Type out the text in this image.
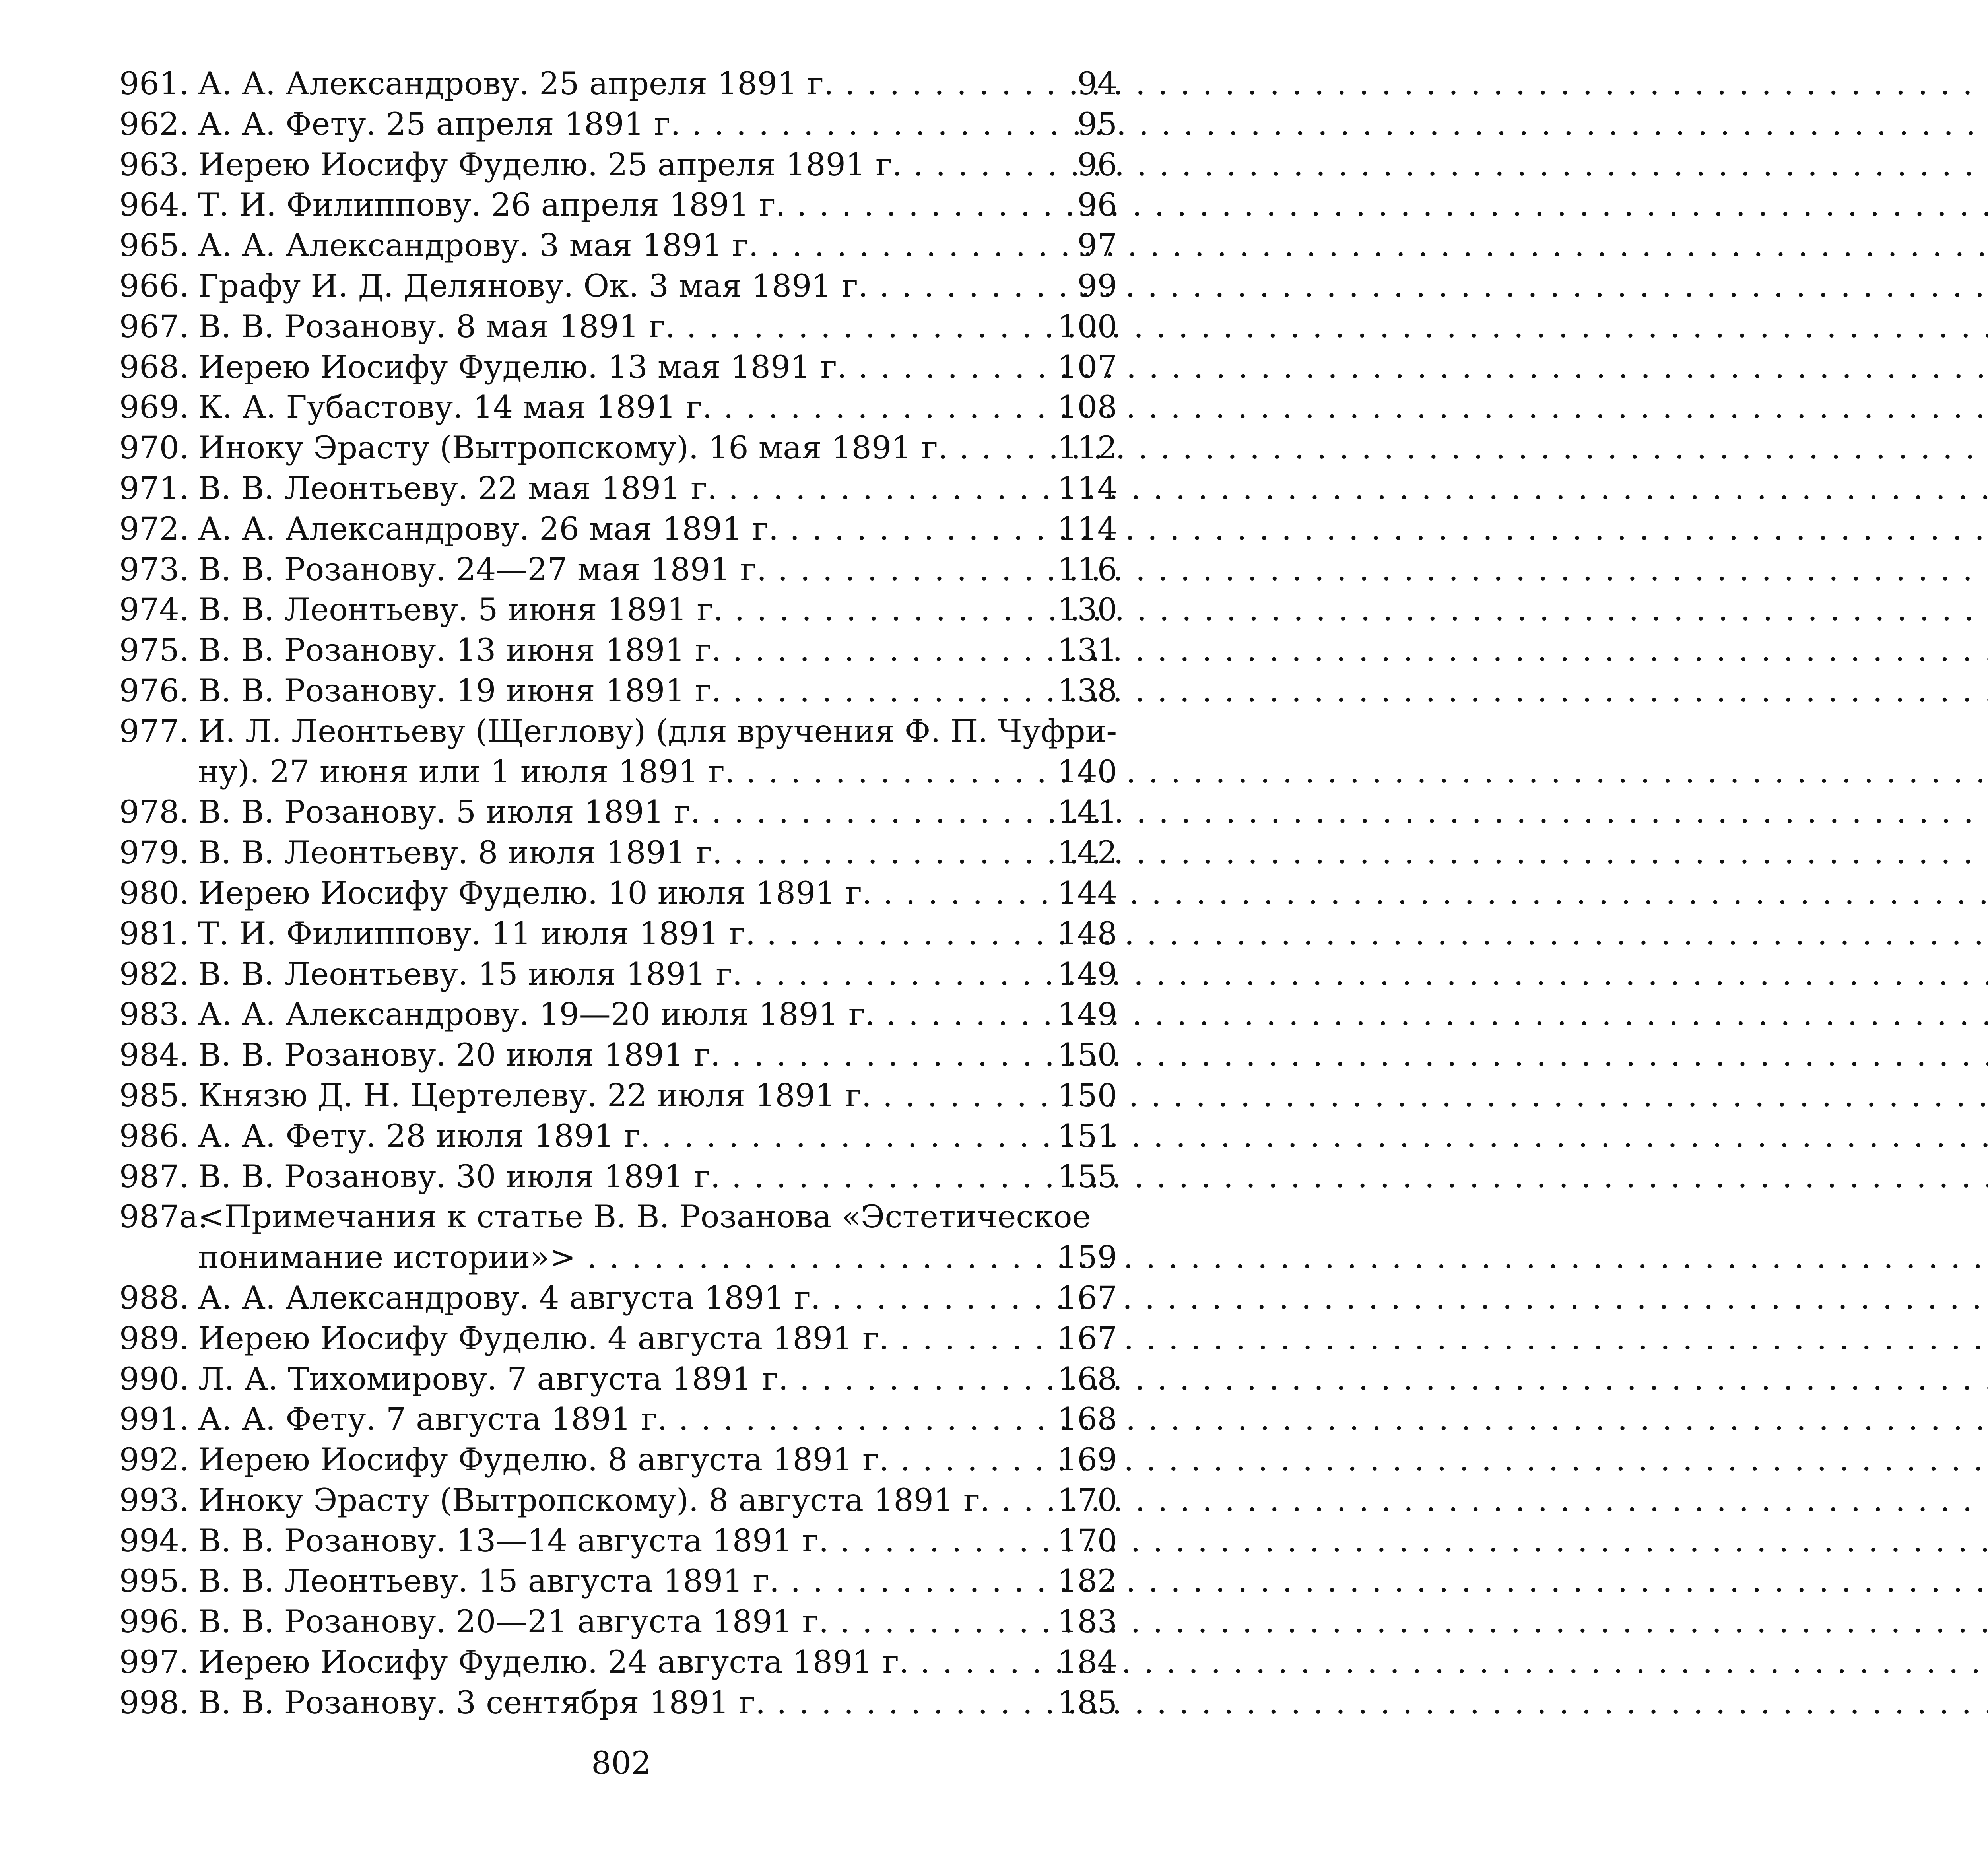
961. А. А. Александрову. 25 апреля 1891 г. . . .	94
962. А. А. Фету. 25 апреля 1891 г. . . .	95
963. Иерею Иосифу Фуделю. 25 апреля 1891 г. . . .	96
964. Т. И. Филиппову. 26 апреля 1891 г. . . .	96
965. А. А. Александрову. 3 мая 1891 г. . . .	97
966. Графу И. Д. Делянову. Ок. 3 мая 1891 г. . . .	99
967. В. В. Розанову. 8 мая 1891 г. . . .	100
968. Иерею Иосифу Фуделю. 13 мая 1891 г. . . .	107
969. К. А. Губастову. 14 мая 1891 г. . . .	108
970. Иноку Эрасту (Вытропскому). 16 мая 1891 г. . . .	112
971. В. В. Леонтьеву. 22 мая 1891 г. . . .	114
972. А. А. Александрову. 26 мая 1891 г. . . .	114
973. В. В. Розанову. 24—27 мая 1891 г. . . .	116
974. В. В. Леонтьеву. 5 июня 1891 г. . . .	130
975. В. В. Розанову. 13 июня 1891 г. . . .	131
976. В. В. Розанову. 19 июня 1891 г. . . .	138
977. И. Л. Леонтьеву (Щеглову) (для вручения Ф. П. Чуфри-
ну). 27 июня или 1 июля 1891 г. . . .	140
978. В. В. Розанову. 5 июля 1891 г. . . .	141
979. В. В. Леонтьеву. 8 июля 1891 г. . . .	142
980. Иерею Иосифу Фуделю. 10 июля 1891 г. . . .	144
981. Т. И. Филиппову. 11 июля 1891 г. . . .	148
982. В. В. Леонтьеву. 15 июля 1891 г. . . .	149
983. А. А. Александрову. 19—20 июля 1891 г. . . .	149
984. В. В. Розанову. 20 июля 1891 г. . . .	150
985. Князю Д. Н. Цертелеву. 22 июля 1891 г. . . .	150
986. А. А. Фету. 28 июля 1891 г. . . .	151
987. В. В. Розанову. 30 июля 1891 г. . . .	155
987а.
<Примечания к статье В. В. Розанова «Эстетическое
понимание истории»> . . .	159
988. А. А. Александрову. 4 августа 1891 г. . . .	167
989. Иерею Иосифу Фуделю. 4 августа 1891 г. . . .	167
990. Л. А. Тихомирову. 7 августа 1891 г. . . .	168
991. А. А. Фету. 7 августа 1891 г. . . .	168
992. Иерею Иосифу Фуделю. 8 августа 1891 г. . . .	169
993. Иноку Эрасту (Вытропскому). 8 августа 1891 г. . . .	170
994. В. В. Розанову. 13—14 августа 1891 г. . . .	170
995. В. В. Леонтьеву. 15 августа 1891 г. . . .	182
996. В. В. Розанову. 20—21 августа 1891 г. . . .	183
997. Иерею Иосифу Фуделю. 24 августа 1891 г. . . .	184
998. В. В. Розанову. 3 сентября 1891 г. . . .	185
802
